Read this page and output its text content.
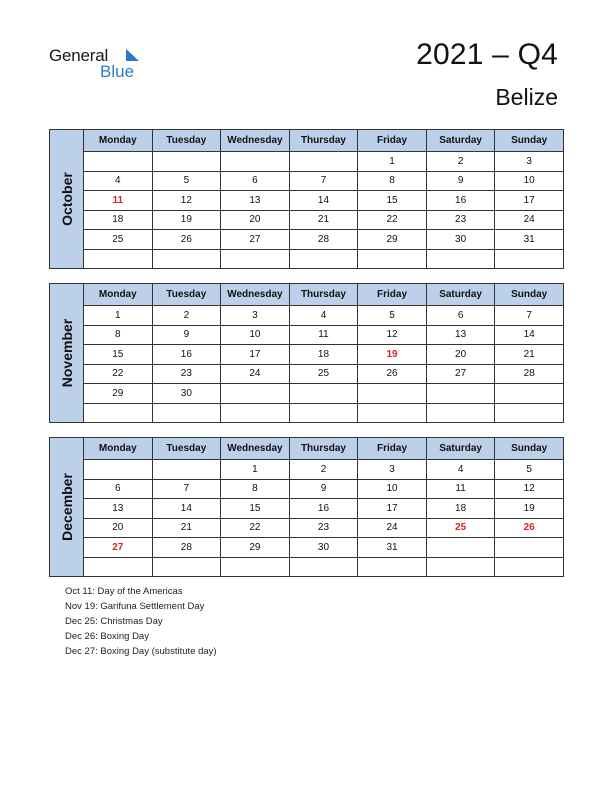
General
Blue
2021 – Q4
Belize
October	Monday	Tuesday	Wednesday	Thursday	Friday	Saturday	Sunday
					1	2	3
	4	5	6	7	8	9	10
	11	12	13	14	15	16	17
	18	19	20	21	22	23	24
	25	26	27	28	29	30	31

November	Monday	Tuesday	Wednesday	Thursday	Friday	Saturday	Sunday
	1	2	3	4	5	6	7
	8	9	10	11	12	13	14
	15	16	17	18	19	20	21
	22	23	24	25	26	27	28
	29	30					

December	Monday	Tuesday	Wednesday	Thursday	Friday	Saturday	Sunday
			1	2	3	4	5
	6	7	8	9	10	11	12
	13	14	15	16	17	18	19
	20	21	22	23	24	25	26
	27	28	29	30	31		

Oct 11: Day of the Americas
Nov 19: Garifuna Settlement Day
Dec 25: Christmas Day
Dec 26: Boxing Day
Dec 27: Boxing Day (substitute day)
